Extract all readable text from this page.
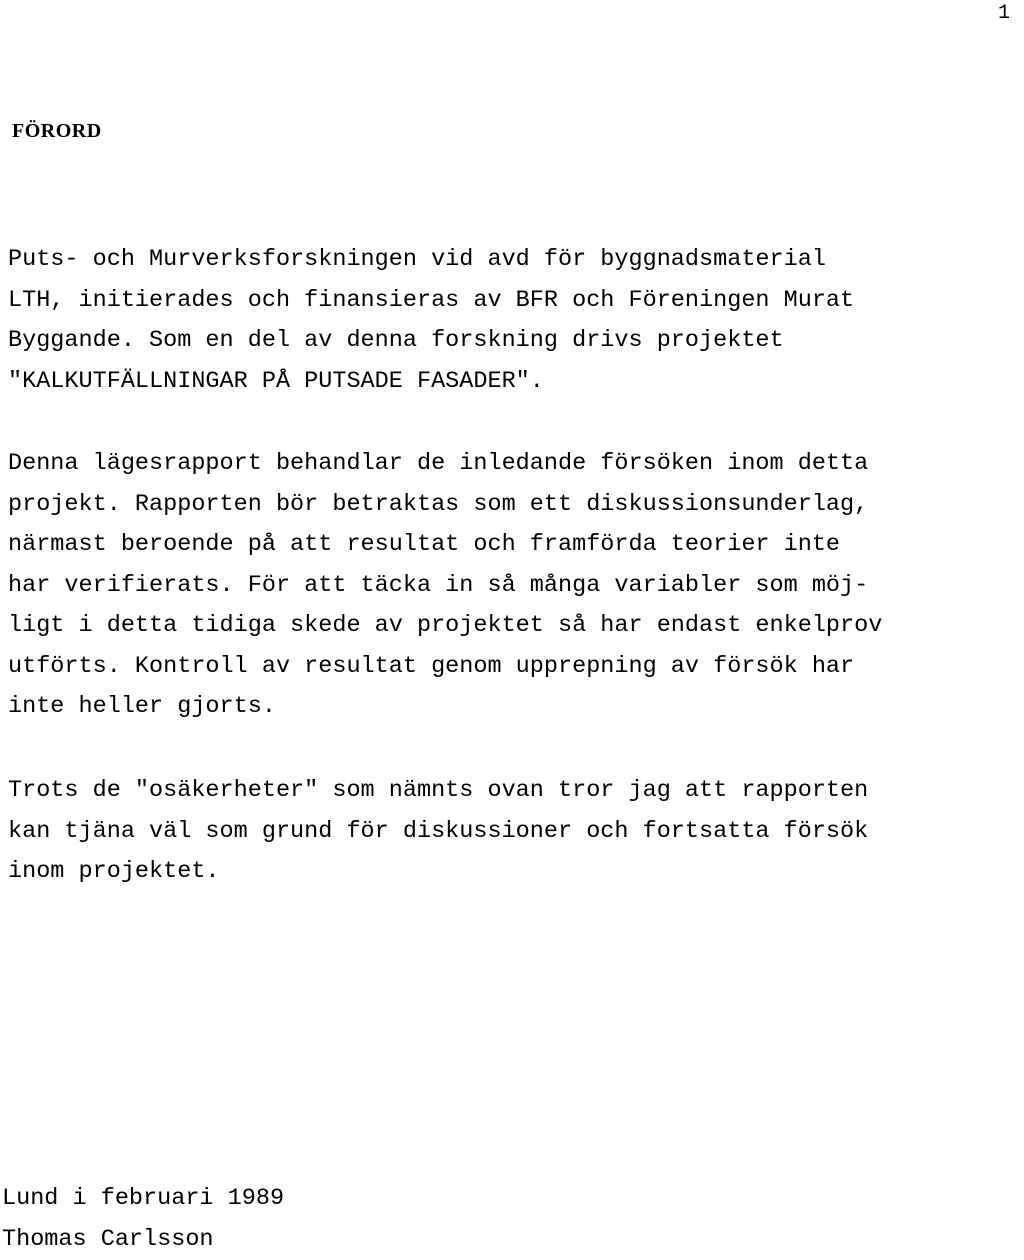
1
FÖRORD
Puts- och Murverksforskningen vid avd för byggnadsmaterial
LTH, initierades och finansieras av BFR och Föreningen Murat
Byggande. Som en del av denna forskning drivs projektet
"KALKUTFÄLLNINGAR PÅ PUTSADE FASADER".
Denna lägesrapport behandlar de inledande försöken inom detta
projekt. Rapporten bör betraktas som ett diskussionsunderlag,
närmast beroende på att resultat och framförda teorier inte
har verifierats. För att täcka in så många variabler som möj-
ligt i detta tidiga skede av projektet så har endast enkelprov
utförts. Kontroll av resultat genom upprepning av försök har
inte heller gjorts.
Trots de "osäkerheter" som nämnts ovan tror jag att rapporten
kan tjäna väl som grund för diskussioner och fortsatta försök
inom projektet.
Lund i februari 1989
Thomas Carlsson
